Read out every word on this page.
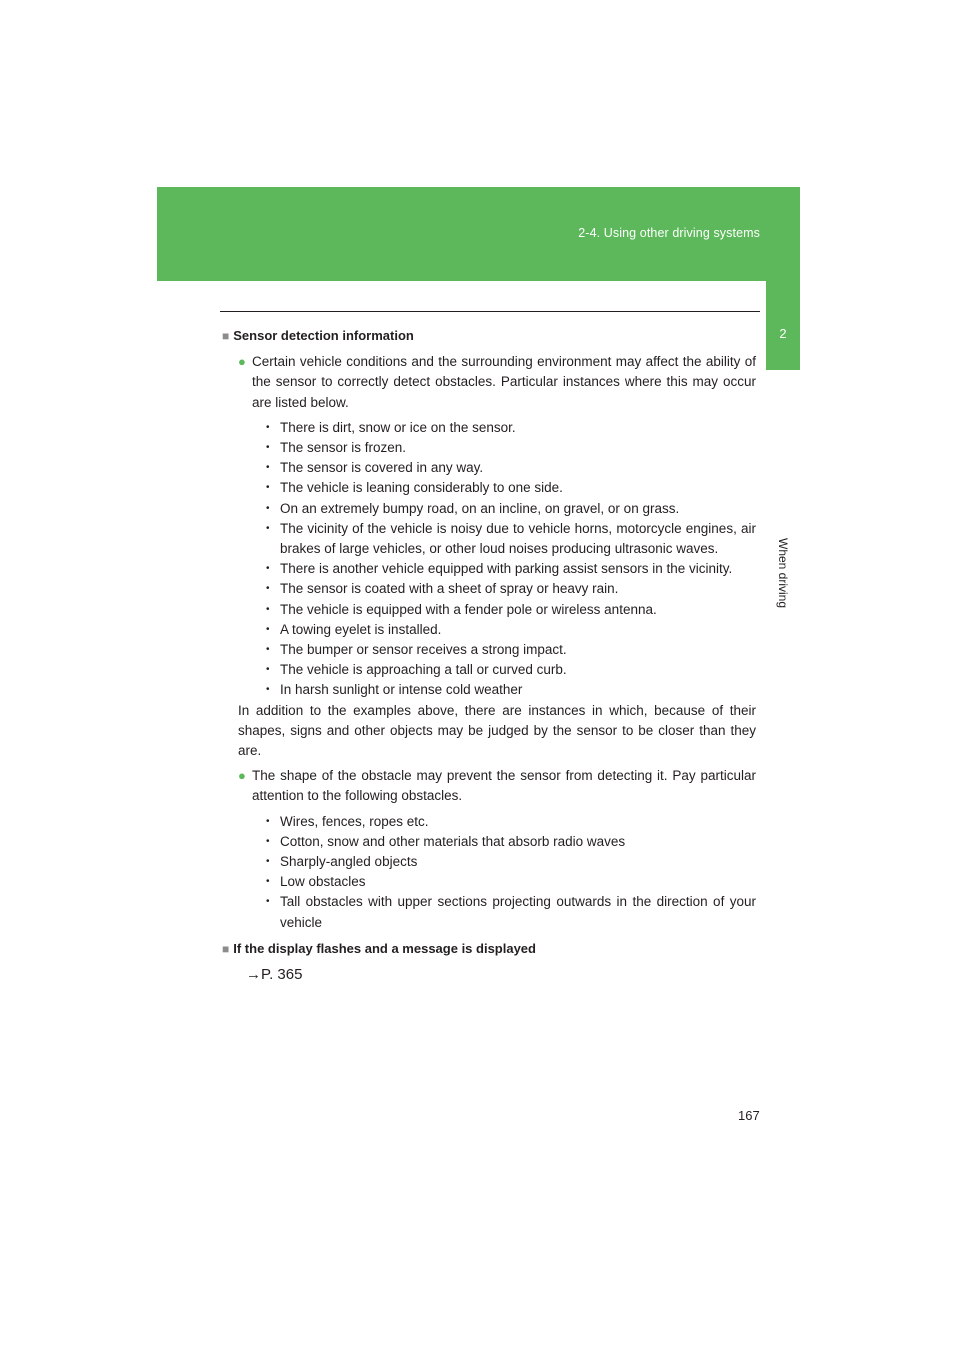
2-4. Using other driving systems
2
When driving
■ Sensor detection information

● Certain vehicle conditions and the surrounding environment may affect the ability of the sensor to correctly detect obstacles. Particular instances where this may occur are listed below.

• There is dirt, snow or ice on the sensor.
• The sensor is frozen.
• The sensor is covered in any way.
• The vehicle is leaning considerably to one side.
• On an extremely bumpy road, on an incline, on gravel, or on grass.
• The vicinity of the vehicle is noisy due to vehicle horns, motorcycle engines, air brakes of large vehicles, or other loud noises producing ultrasonic waves.
• There is another vehicle equipped with parking assist sensors in the vicinity.
• The sensor is coated with a sheet of spray or heavy rain.
• The vehicle is equipped with a fender pole or wireless antenna.
• A towing eyelet is installed.
• The bumper or sensor receives a strong impact.
• The vehicle is approaching a tall or curved curb.
• In harsh sunlight or intense cold weather

In addition to the examples above, there are instances in which, because of their shapes, signs and other objects may be judged by the sensor to be closer than they are.

● The shape of the obstacle may prevent the sensor from detecting it. Pay particular attention to the following obstacles.

• Wires, fences, ropes etc.
• Cotton, snow and other materials that absorb radio waves
• Sharply-angled objects
• Low obstacles
• Tall obstacles with upper sections projecting outwards in the direction of your vehicle
■ If the display flashes and a message is displayed
→P. 365
167
